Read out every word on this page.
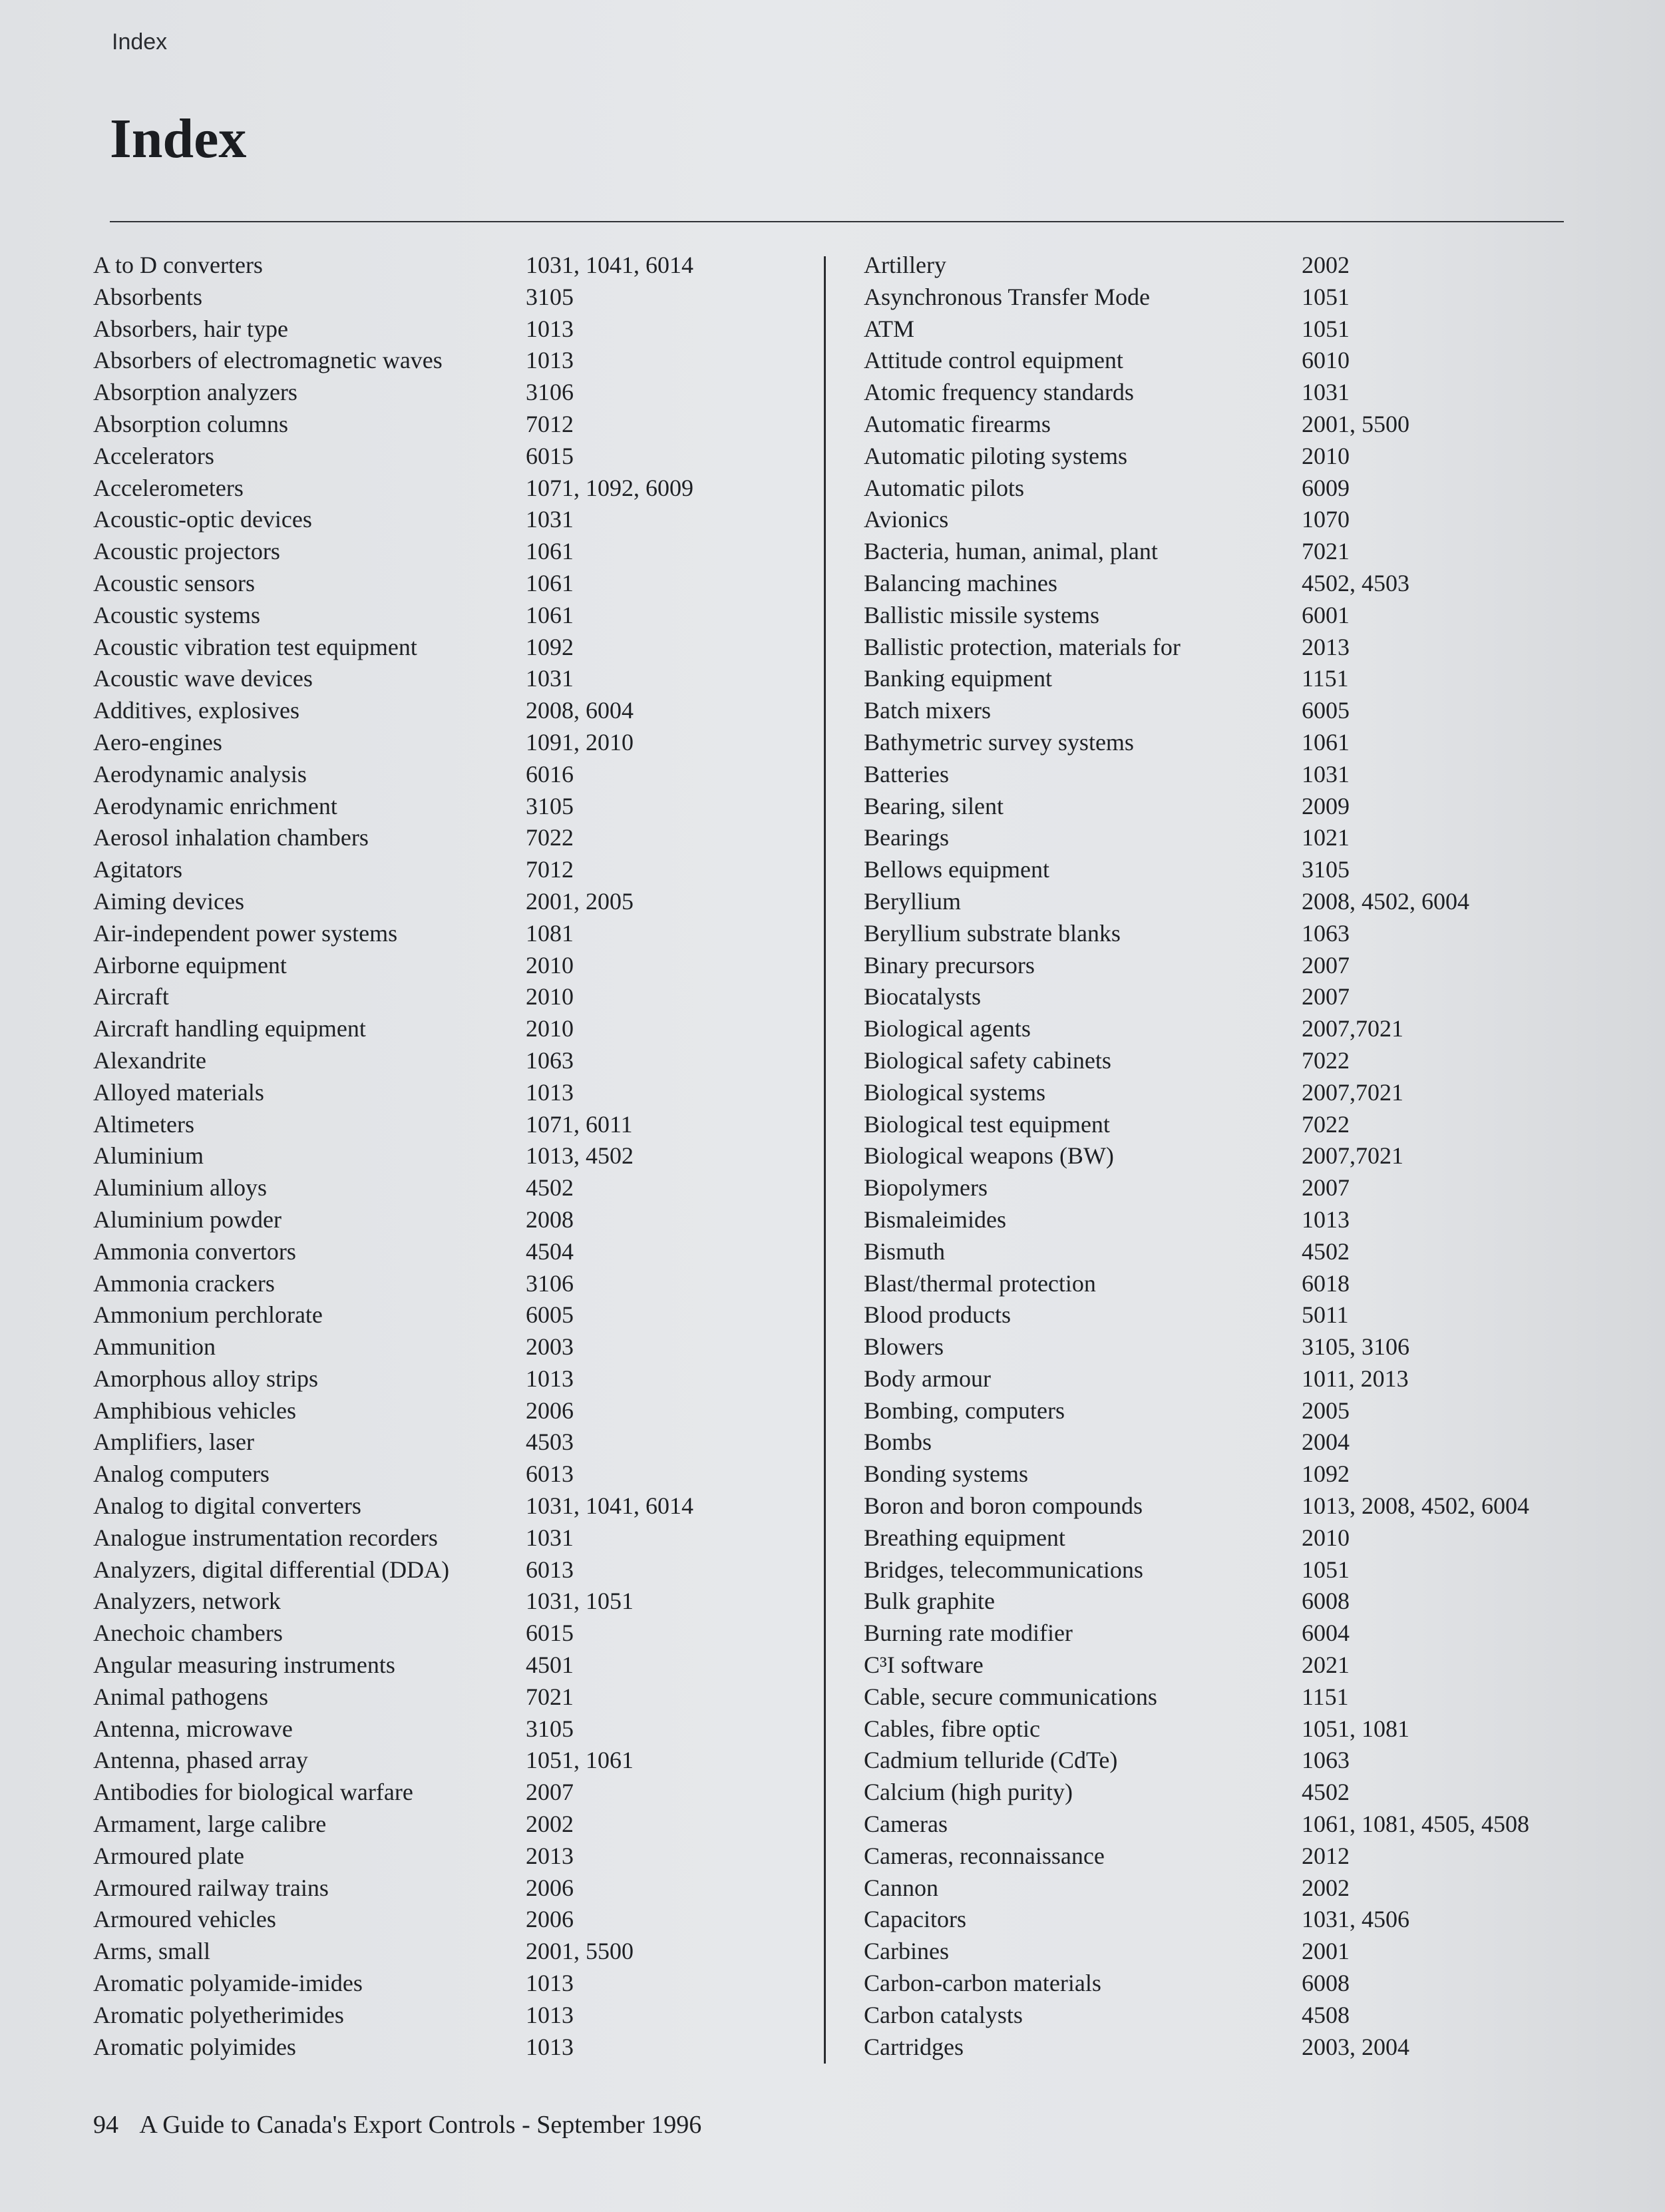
Index
Index
A to D converters	1031, 1041, 6014
Absorbents	3105
Absorbers, hair type	1013
Absorbers of electromagnetic waves	1013
Absorption analyzers	3106
Absorption columns	7012
Accelerators	6015
Accelerometers	1071, 1092, 6009
Acoustic-optic devices	1031
Acoustic projectors	1061
Acoustic sensors	1061
Acoustic systems	1061
Acoustic vibration test equipment	1092
Acoustic wave devices	1031
Additives, explosives	2008, 6004
Aero-engines	1091, 2010
Aerodynamic analysis	6016
Aerodynamic enrichment	3105
Aerosol inhalation chambers	7022
Agitators	7012
Aiming devices	2001, 2005
Air-independent power systems	1081
Airborne equipment	2010
Aircraft	2010
Aircraft handling equipment	2010
Alexandrite	1063
Alloyed materials	1013
Altimeters	1071, 6011
Aluminium	1013, 4502
Aluminium alloys	4502
Aluminium powder	2008
Ammonia convertors	4504
Ammonia crackers	3106
Ammonium perchlorate	6005
Ammunition	2003
Amorphous alloy strips	1013
Amphibious vehicles	2006
Amplifiers, laser	4503
Analog computers	6013
Analog to digital converters	1031, 1041, 6014
Analogue instrumentation recorders	1031
Analyzers, digital differential (DDA)	6013
Analyzers, network	1031, 1051
Anechoic chambers	6015
Angular measuring instruments	4501
Animal pathogens	7021
Antenna, microwave	3105
Antenna, phased array	1051, 1061
Antibodies for biological warfare	2007
Armament, large calibre	2002
Armoured plate	2013
Armoured railway trains	2006
Armoured vehicles	2006
Arms, small	2001, 5500
Aromatic polyamide-imides	1013
Aromatic polyetherimides	1013
Aromatic polyimides	1013
Artillery	2002
Asynchronous Transfer Mode	1051
ATM	1051
Attitude control equipment	6010
Atomic frequency standards	1031
Automatic firearms	2001, 5500
Automatic piloting systems	2010
Automatic pilots	6009
Avionics	1070
Bacteria, human, animal, plant	7021
Balancing machines	4502, 4503
Ballistic missile systems	6001
Ballistic protection, materials for	2013
Banking equipment	1151
Batch mixers	6005
Bathymetric survey systems	1061
Batteries	1031
Bearing, silent	2009
Bearings	1021
Bellows equipment	3105
Beryllium	2008, 4502, 6004
Beryllium substrate blanks	1063
Binary precursors	2007
Biocatalysts	2007
Biological agents	2007,7021
Biological safety cabinets	7022
Biological systems	2007,7021
Biological test equipment	7022
Biological weapons (BW)	2007,7021
Biopolymers	2007
Bismaleimides	1013
Bismuth	4502
Blast/thermal protection	6018
Blood products	5011
Blowers	3105, 3106
Body armour	1011, 2013
Bombing, computers	2005
Bombs	2004
Bonding systems	1092
Boron and boron compounds	1013, 2008, 4502, 6004
Breathing equipment	2010
Bridges, telecommunications	1051
Bulk graphite	6008
Burning rate modifier	6004
C³I software	2021
Cable, secure communications	1151
Cables, fibre optic	1051, 1081
Cadmium telluride (CdTe)	1063
Calcium (high purity)	4502
Cameras	1061, 1081, 4505, 4508
Cameras, reconnaissance	2012
Cannon	2002
Capacitors	1031, 4506
Carbines	2001
Carbon-carbon materials	6008
Carbon catalysts	4508
Cartridges	2003, 2004
94 A Guide to Canada's Export Controls - September 1996
